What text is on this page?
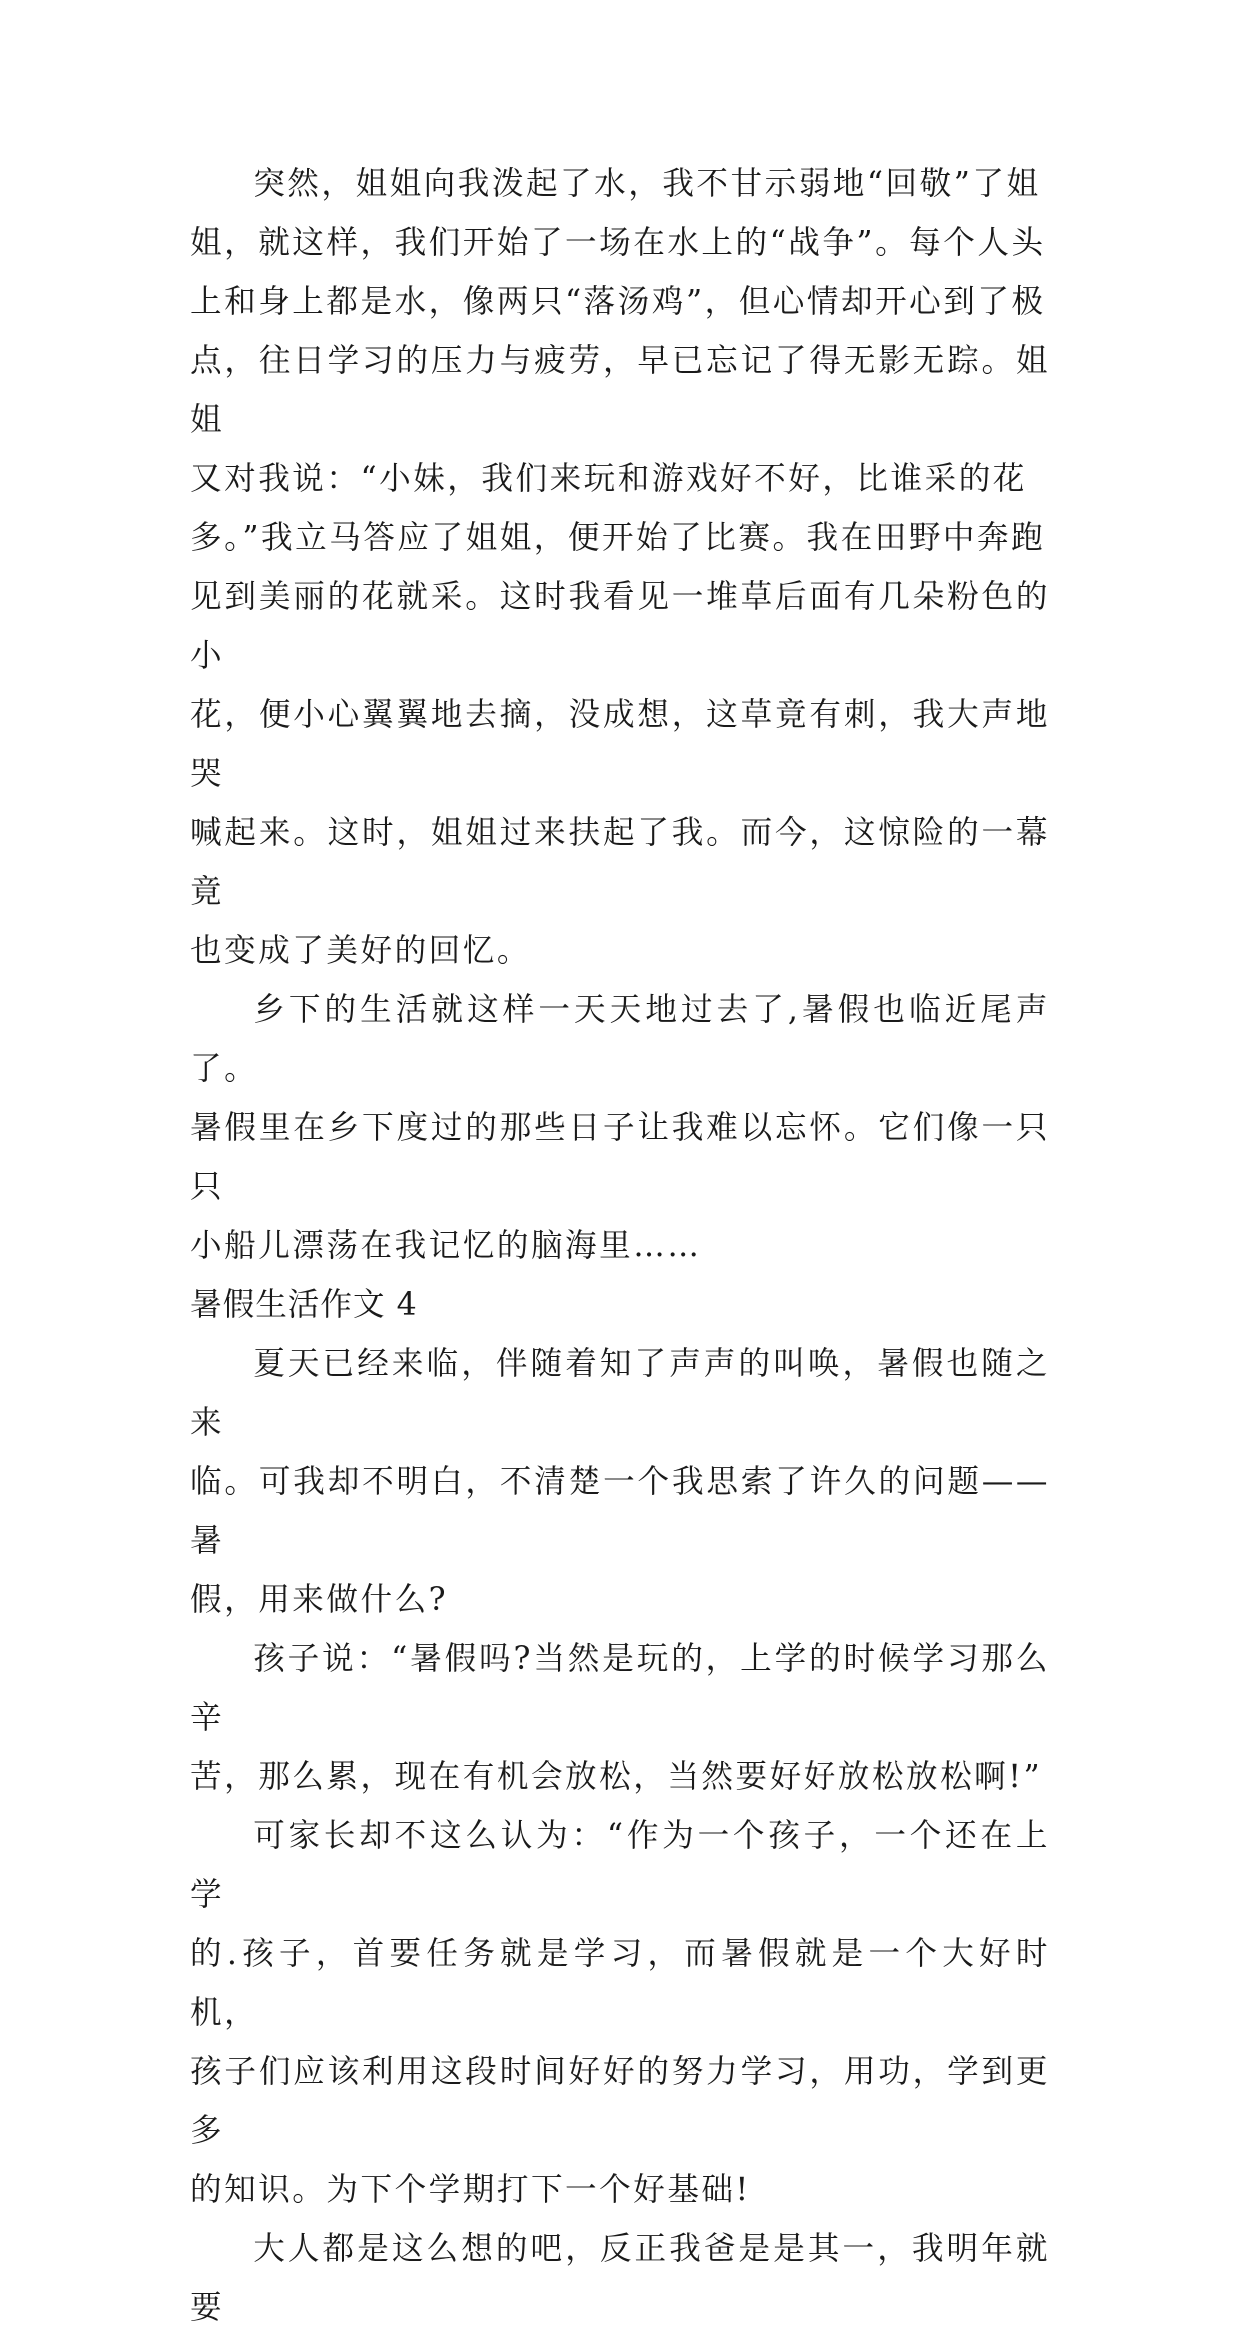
突然，姐姐向我泼起了水，我不甘示弱地“回敬”了姐
姐，就这样，我们开始了一场在水上的“战争”。每个人头
上和身上都是水，像两只“落汤鸡”，但心情却开心到了极
点，往日学习的压力与疲劳，早已忘记了得无影无踪。姐姐
又对我说：“小妹，我们来玩和游戏好不好，比谁采的花
多。”我立马答应了姐姐，便开始了比赛。我在田野中奔跑
见到美丽的花就采。这时我看见一堆草后面有几朵粉色的小
花，便小心翼翼地去摘，没成想，这草竟有刺，我大声地哭
喊起来。这时，姐姐过来扶起了我。而今，这惊险的一幕竟
也变成了美好的回忆。

乡下的生活就这样一天天地过去了,暑假也临近尾声了。
暑假里在乡下度过的那些日子让我难以忘怀。它们像一只只
小船儿漂荡在我记忆的脑海里……

暑假生活作文 4

夏天已经来临，伴随着知了声声的叫唤，暑假也随之来
临。可我却不明白，不清楚一个我思索了许久的问题——暑
假，用来做什么?

孩子说：“暑假吗?当然是玩的，上学的时候学习那么辛
苦，那么累，现在有机会放松，当然要好好放松放松啊!”

可家长却不这么认为：“作为一个孩子，一个还在上学
的.孩子，首要任务就是学习，而暑假就是一个大好时机，
孩子们应该利用这段时间好好的努力学习，用功，学到更多
的知识。为下个学期打下一个好基础!

大人都是这么想的吧，反正我爸是是其一，我明年就要
